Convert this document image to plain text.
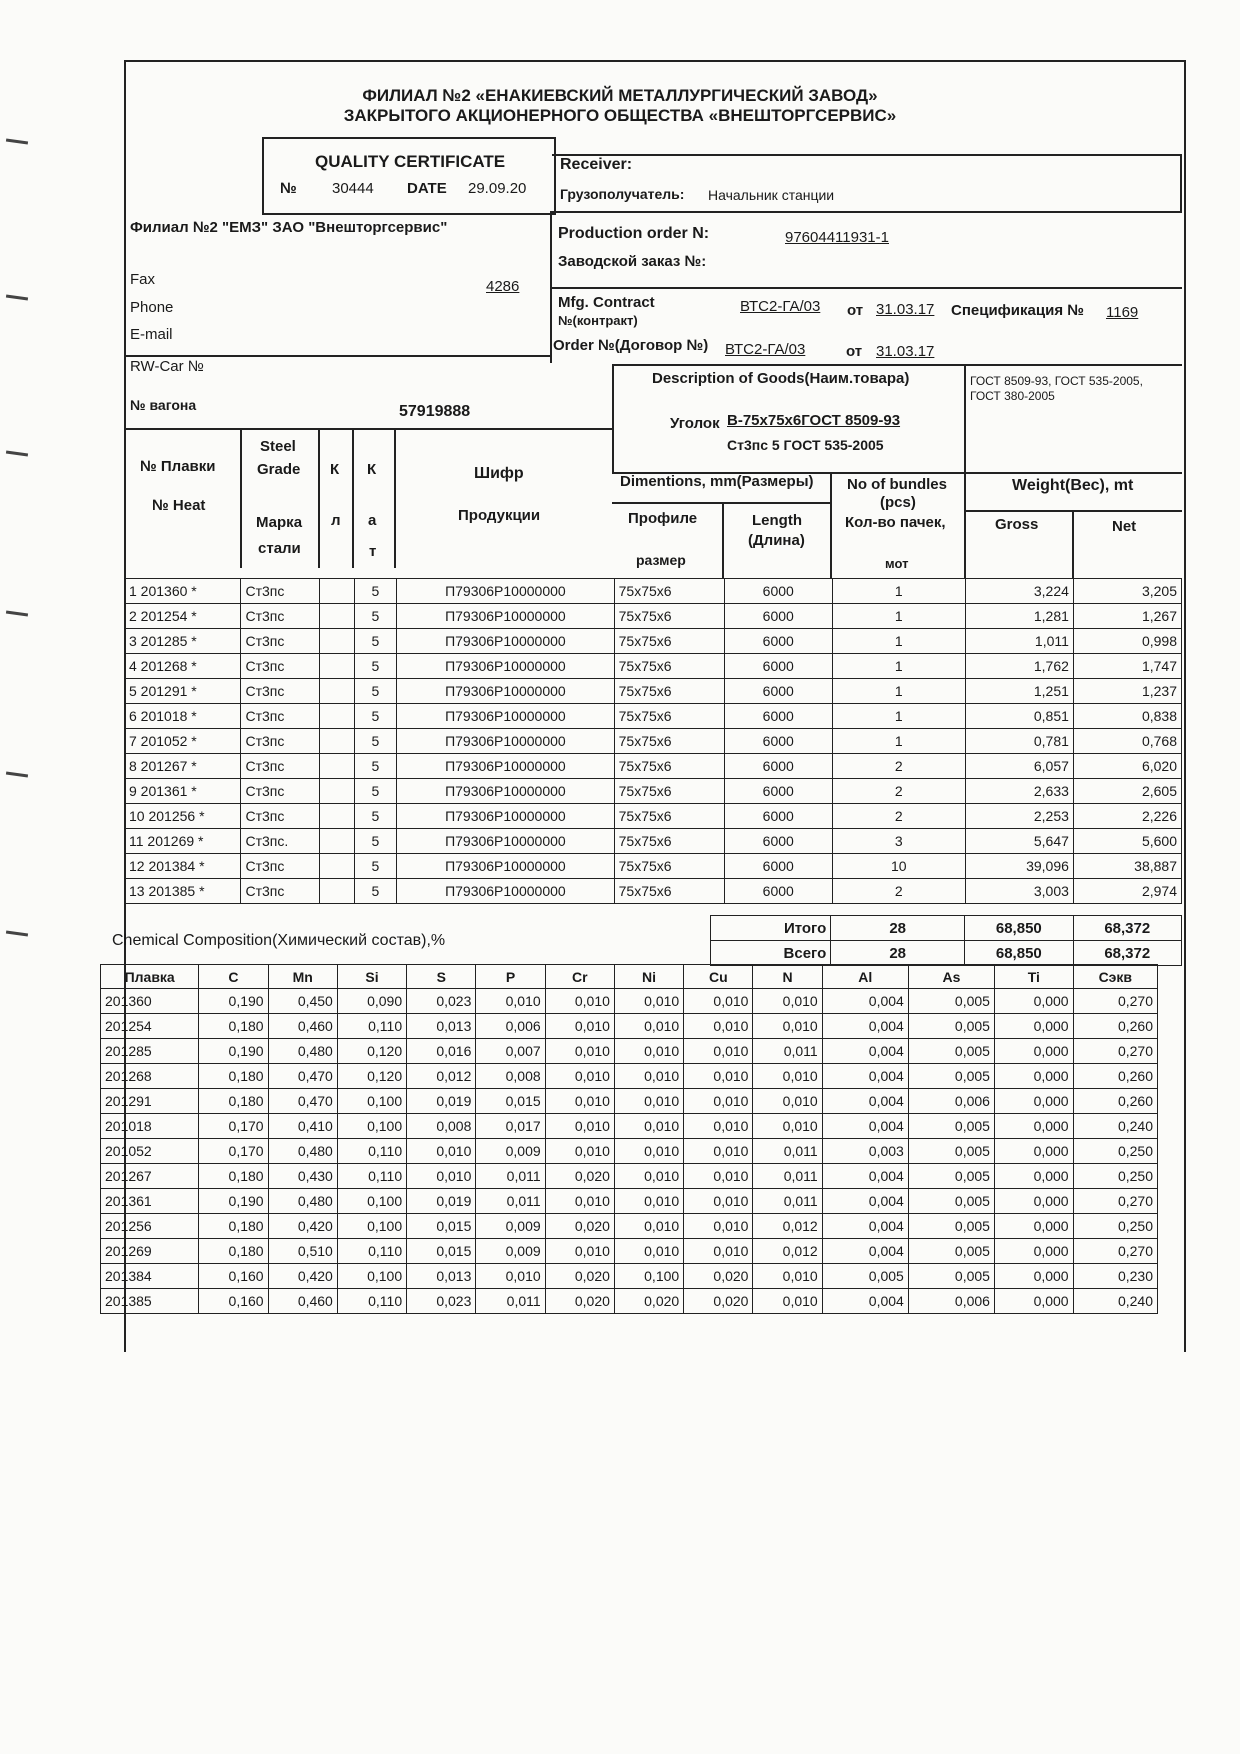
ФИЛИАЛ №2 «ЕНАКИЕВСКИЙ МЕТАЛЛУРГИЧЕСКИЙ ЗАВОД»
ЗАКРЫТОГО АКЦИОНЕРНОГО ОБЩЕСТВА «ВНЕШТОРГСЕРВИС»
QUALITY CERTIFICATE
№ 30444 DATE 29.09.20
Receiver:
Грузополучатель: Начальник станции
Филиал №2 "ЕМЗ" ЗАО "Внешторгсервис"
Fax	4286
Phone
E-mail
Production order N:	97604411931-1
Заводской заказ №:
Mfg. Contract
№(контракт)
ВТС2-ГА/03 от 31.03.17 Спецификация № 1169
Order №(Договор №) ВТС2-ГА/03	от 31.03.17
RW-Car №
№ вагона	57919888
Description of Goods(Наим.товара)
Уголок В-75x75x6ГОСТ 8509-93
Ст3пс 5 ГОСТ 535-2005
ГОСТ 8509-93, ГОСТ 535-2005, ГОСТ 380-2005
№ Плавки
№ Heat
Steel
Grade
Марка
стали
К
л
К
а
т
Шифр
Продукции
Dimentions, mm(Размеры)
Профиле
размер
Length
(Длина)
No of bundles
(pcs)
Кол-во пачек,
мот
Weight(Вес), mt
Gross	Net
1 201360 *	Ст3пс		5	П79306Р10000000	75x75x6	6000	1	3,224	3,205
2 201254 *	Ст3пс		5	П79306Р10000000	75x75x6	6000	1	1,281	1,267
3 201285 *	Ст3пс		5	П79306Р10000000	75x75x6	6000	1	1,011	0,998
4 201268 *	Ст3пс		5	П79306Р10000000	75x75x6	6000	1	1,762	1,747
5 201291 *	Ст3пс		5	П79306Р10000000	75x75x6	6000	1	1,251	1,237
6 201018 *	Ст3пс		5	П79306Р10000000	75x75x6	6000	1	0,851	0,838
7 201052 *	Ст3пс		5	П79306Р10000000	75x75x6	6000	1	0,781	0,768
8 201267 *	Ст3пс		5	П79306Р10000000	75x75x6	6000	2	6,057	6,020
9 201361 *	Ст3пс		5	П79306Р10000000	75x75x6	6000	2	2,633	2,605
10 201256 *	Ст3пс		5	П79306Р10000000	75x75x6	6000	2	2,253	2,226
11 201269 *	Ст3пс.		5	П79306Р10000000	75x75x6	6000	3	5,647	5,600
12 201384 *	Ст3пс		5	П79306Р10000000	75x75x6	6000	10	39,096	38,887
13 201385 *	Ст3пс		5	П79306Р10000000	75x75x6	6000	2	3,003	2,974
Итого	28	68,850	68,372
Всего	28	68,850	68,372
Chemical Composition(Химический состав),%
Плавка	C	Mn	Si	S	P	Cr	Ni	Cu	N	Al	As	Ti	Сэкв
201360	0,190	0,450	0,090	0,023	0,010	0,010	0,010	0,010	0,010	0,004	0,005	0,000	0,270
201254	0,180	0,460	0,110	0,013	0,006	0,010	0,010	0,010	0,010	0,004	0,005	0,000	0,260
201285	0,190	0,480	0,120	0,016	0,007	0,010	0,010	0,010	0,011	0,004	0,005	0,000	0,270
201268	0,180	0,470	0,120	0,012	0,008	0,010	0,010	0,010	0,010	0,004	0,005	0,000	0,260
201291	0,180	0,470	0,100	0,019	0,015	0,010	0,010	0,010	0,010	0,004	0,006	0,000	0,260
201018	0,170	0,410	0,100	0,008	0,017	0,010	0,010	0,010	0,010	0,004	0,005	0,000	0,240
201052	0,170	0,480	0,110	0,010	0,009	0,010	0,010	0,010	0,011	0,003	0,005	0,000	0,250
201267	0,180	0,430	0,110	0,010	0,011	0,020	0,010	0,010	0,011	0,004	0,005	0,000	0,250
201361	0,190	0,480	0,100	0,019	0,011	0,010	0,010	0,010	0,011	0,004	0,005	0,000	0,270
201256	0,180	0,420	0,100	0,015	0,009	0,020	0,010	0,010	0,012	0,004	0,005	0,000	0,250
201269	0,180	0,510	0,110	0,015	0,009	0,010	0,010	0,010	0,012	0,004	0,005	0,000	0,270
201384	0,160	0,420	0,100	0,013	0,010	0,020	0,100	0,020	0,010	0,005	0,005	0,000	0,230
201385	0,160	0,460	0,110	0,023	0,011	0,020	0,020	0,020	0,010	0,004	0,006	0,000	0,240
